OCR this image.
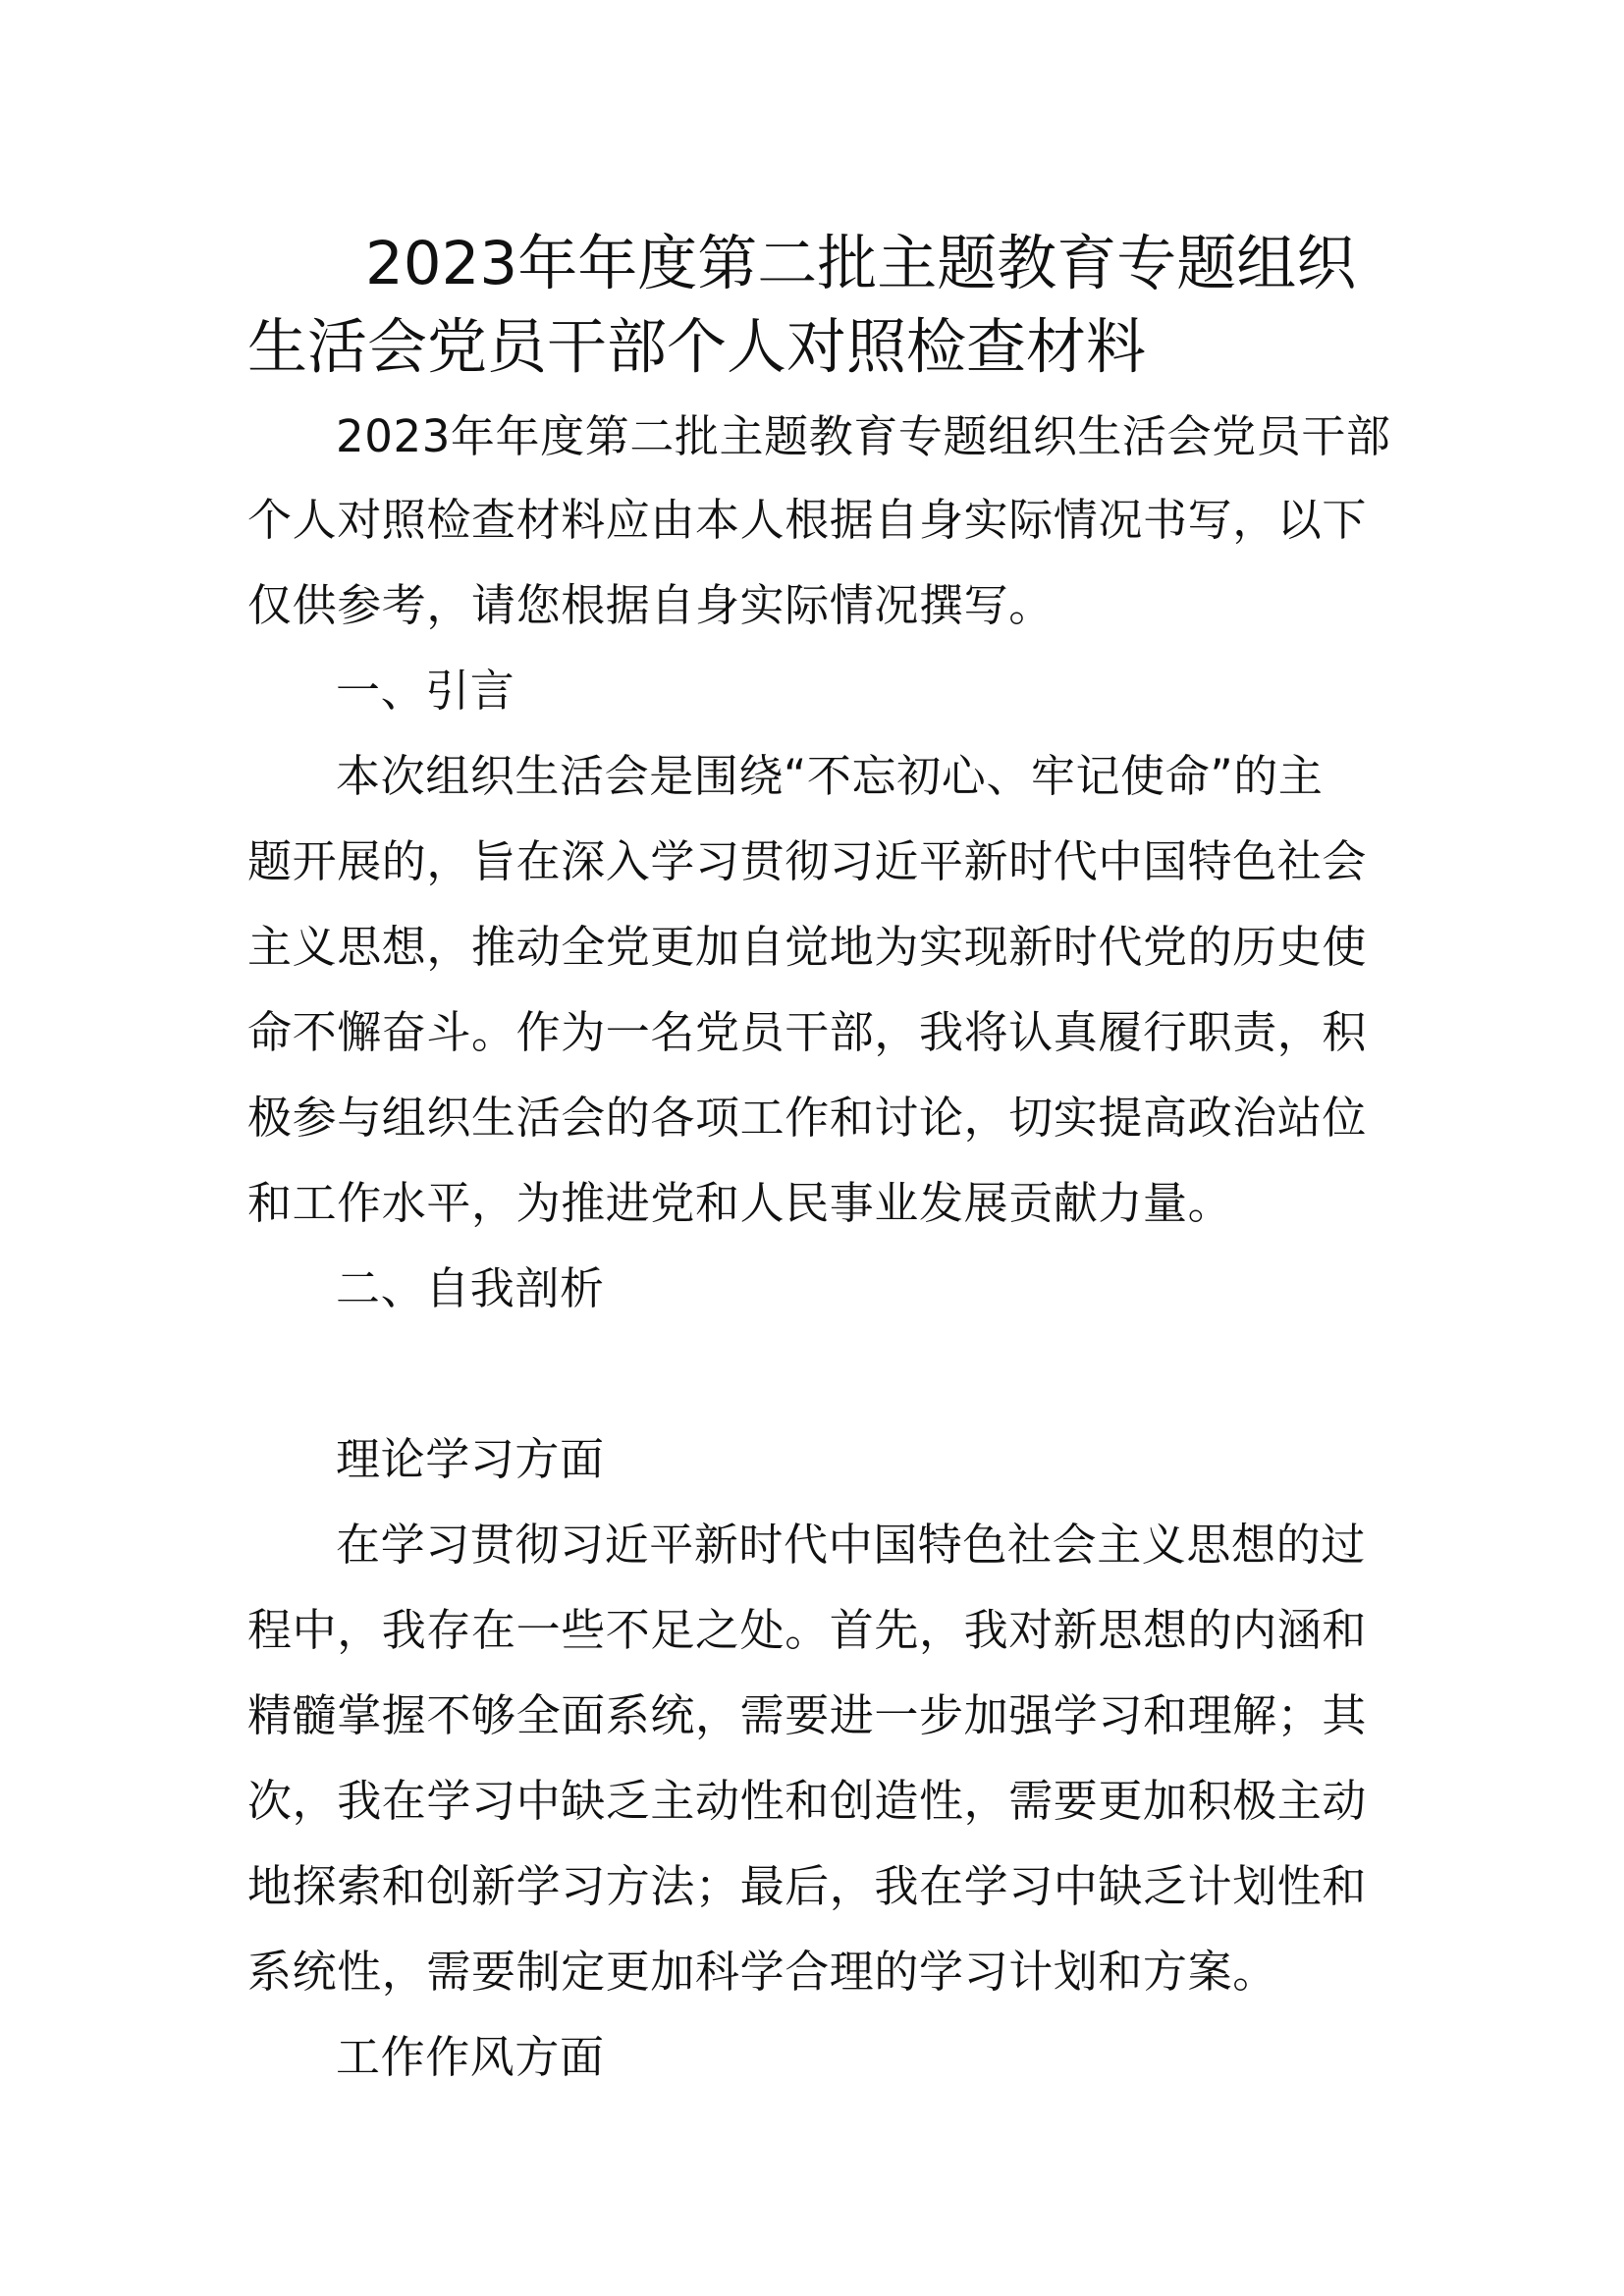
2023年年度第二批主题教育专题组织
生活会党员干部个人对照检查材料
2023年年度第二批主题教育专题组织生活会党员干部
个人对照检查材料应由本人根据自身实际情况书写，以下
仅供参考，请您根据自身实际情况撰写。
一、引言
本次组织生活会是围绕“不忘初心、牢记使命”的主
题开展的，旨在深入学习贯彻习近平新时代中国特色社会
主义思想，推动全党更加自觉地为实现新时代党的历史使
命不懈奋斗。作为一名党员干部，我将认真履行职责，积
极参与组织生活会的各项工作和讨论，切实提高政治站位
和工作水平，为推进党和人民事业发展贡献力量。
二、自我剖析
理论学习方面
在学习贯彻习近平新时代中国特色社会主义思想的过
程中，我存在一些不足之处。首先，我对新思想的内涵和
精髓掌握不够全面系统，需要进一步加强学习和理解；其
次，我在学习中缺乏主动性和创造性，需要更加积极主动
地探索和创新学习方法；最后，我在学习中缺乏计划性和
系统性，需要制定更加科学合理的学习计划和方案。
工作作风方面
